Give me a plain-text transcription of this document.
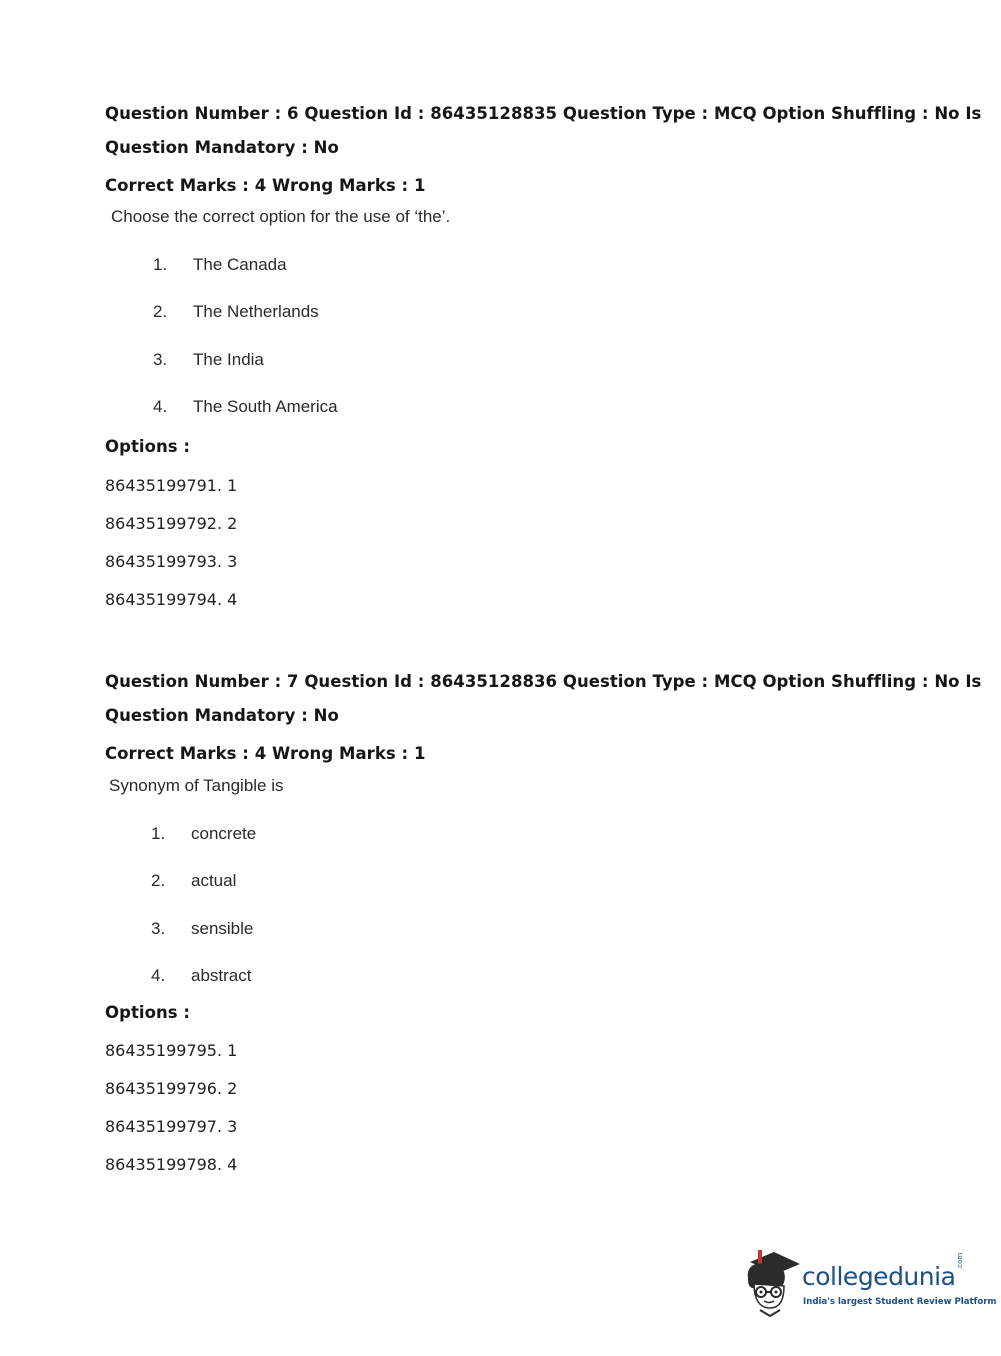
Question Number : 6 Question Id : 86435128835 Question Type : MCQ Option Shuffling : No Is
Question Mandatory : No
Correct Marks : 4 Wrong Marks : 1
Choose the correct option for the use of ‘the’.
1. The Canada
2. The Netherlands
3. The India
4. The South America
Options :
86435199791. 1
86435199792. 2
86435199793. 3
86435199794. 4
Question Number : 7 Question Id : 86435128836 Question Type : MCQ Option Shuffling : No Is
Question Mandatory : No
Correct Marks : 4 Wrong Marks : 1
Synonym of Tangible is
1. concrete
2. actual
3. sensible
4. abstract
Options :
86435199795. 1
86435199796. 2
86435199797. 3
86435199798. 4
collegedunia
.com
India's largest Student Review Platform
